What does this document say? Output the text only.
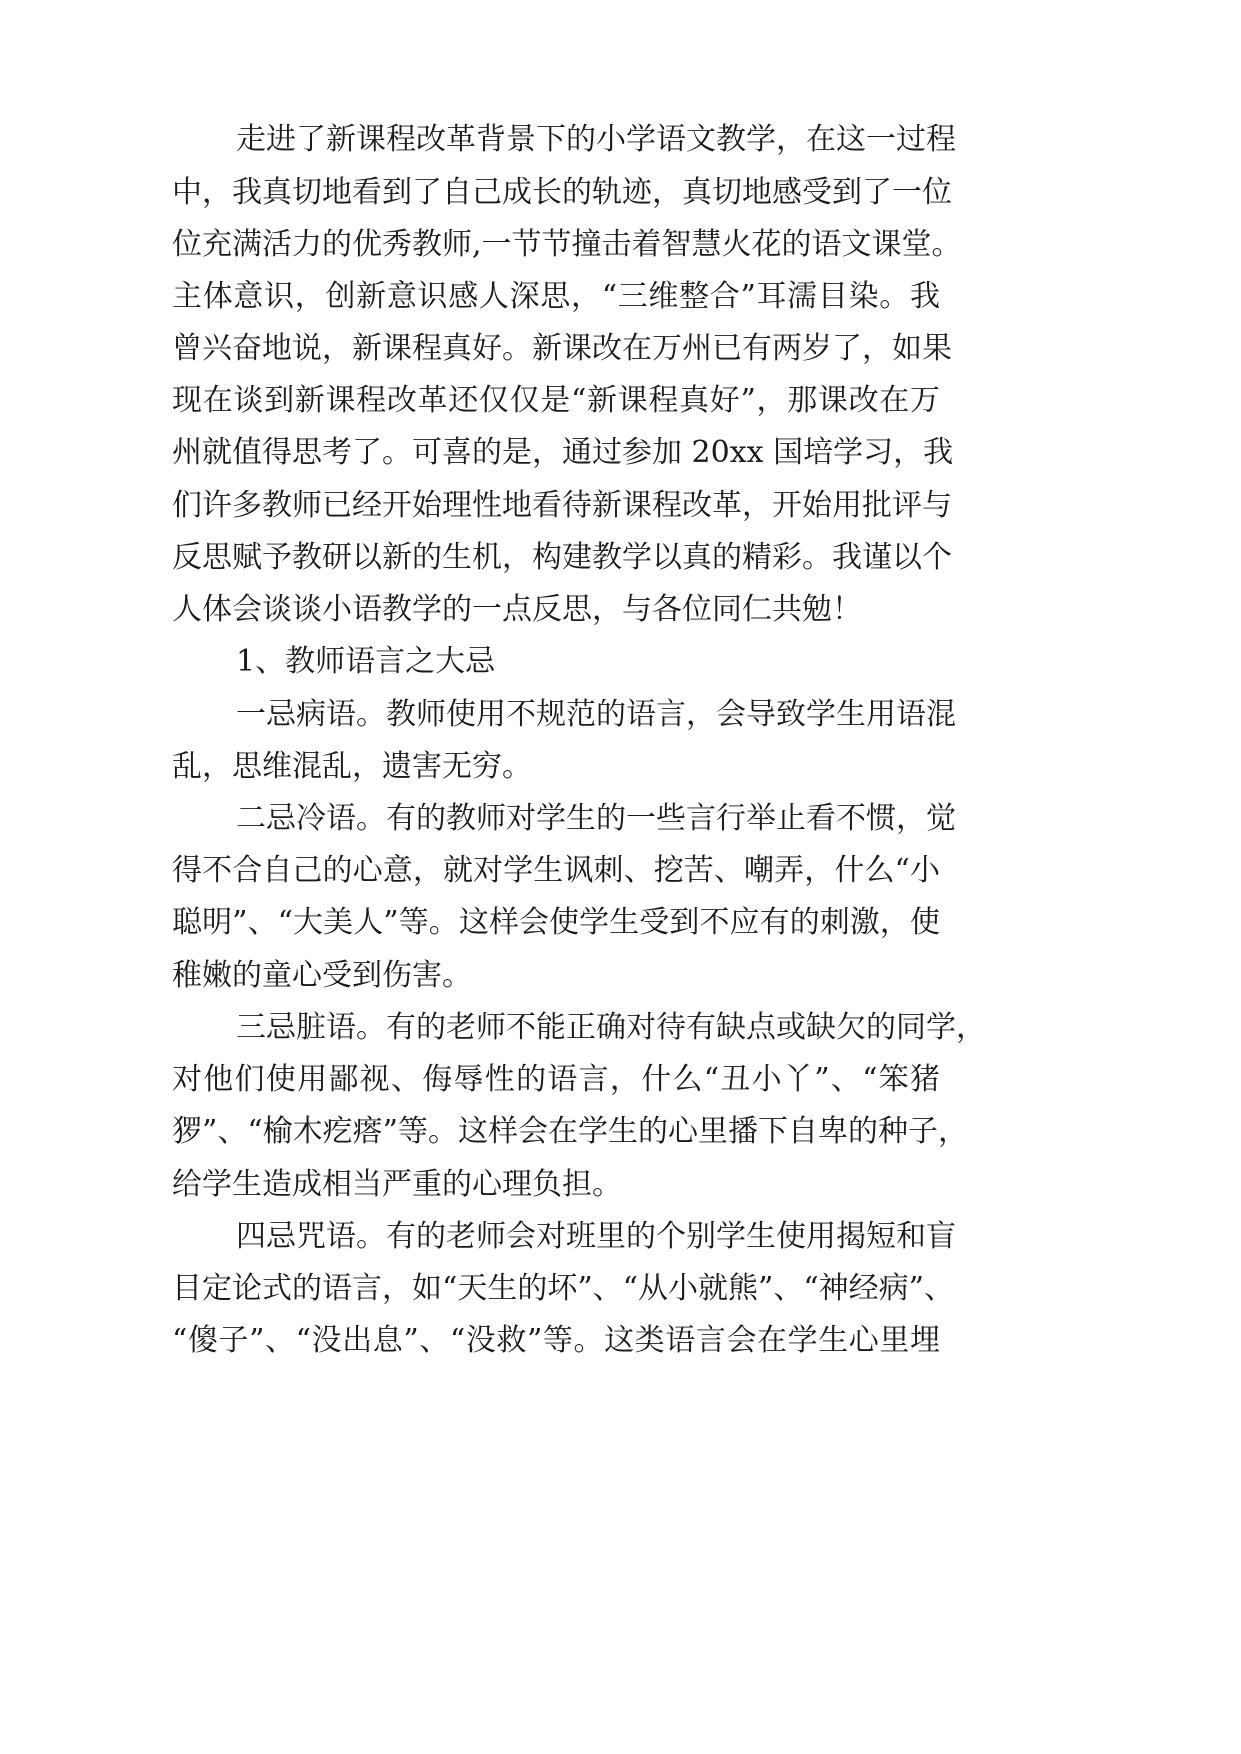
走进了新课程改革背景下的小学语文教学，在这一过程
中，我真切地看到了自己成长的轨迹，真切地感受到了一位
位充满活力的优秀教师,一节节撞击着智慧火花的语文课堂。
主体意识，创新意识感人深思，“三维整合”耳濡目染。我
曾兴奋地说，新课程真好。新课改在万州已有两岁了，如果
现在谈到新课程改革还仅仅是“新课程真好”，那课改在万
州就值得思考了。可喜的是，通过参加 20xx 国培学习，我
们许多教师已经开始理性地看待新课程改革，开始用批评与
反思赋予教研以新的生机，构建教学以真的精彩。我谨以个
人体会谈谈小语教学的一点反思，与各位同仁共勉！
1、教师语言之大忌
一忌病语。教师使用不规范的语言，会导致学生用语混
乱，思维混乱，遗害无穷。
二忌冷语。有的教师对学生的一些言行举止看不惯，觉
得不合自己的心意，就对学生讽刺、挖苦、嘲弄，什么“小
聪明”、“大美人”等。这样会使学生受到不应有的刺激，使
稚嫩的童心受到伤害。
三忌脏语。有的老师不能正确对待有缺点或缺欠的同学，
对他们使用鄙视、侮辱性的语言，什么“丑小丫”、“笨猪
猡”、“榆木疙瘩”等。这样会在学生的心里播下自卑的种子，
给学生造成相当严重的心理负担。
四忌咒语。有的老师会对班里的个别学生使用揭短和盲
目定论式的语言，如“天生的坏”、“从小就熊”、“神经病”、
“傻子”、“没出息”、“没救”等。这类语言会在学生心里埋
